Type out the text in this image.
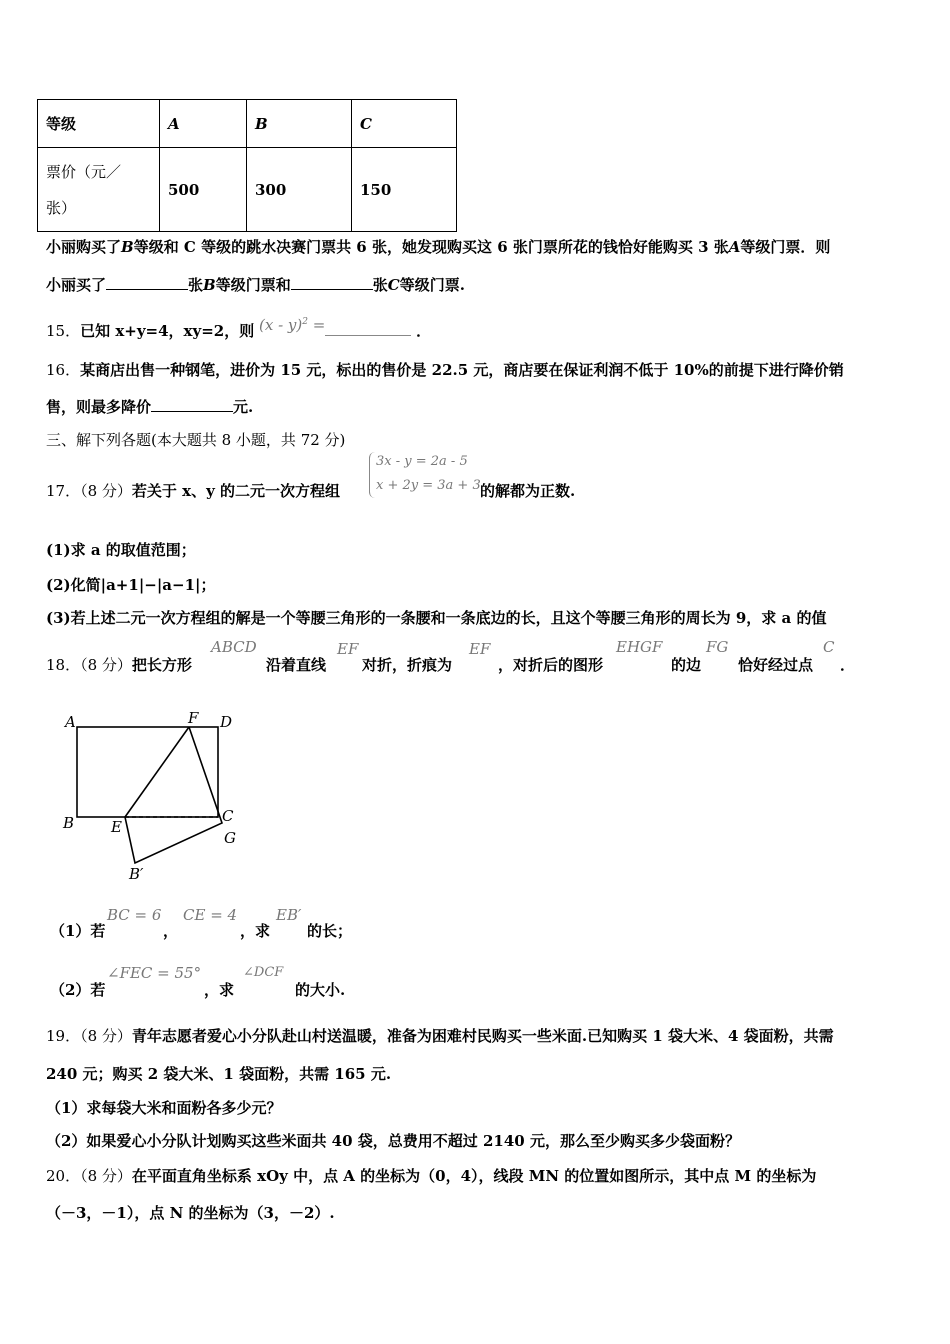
等级	A	B	C
票价（元／
张）	500	300	150
小丽购买了B等级和 C 等级的跳水决赛门票共 6 张，她发现购买这 6 张门票所花的钱恰好能购买 3 张A等级门票．则
小丽买了	张B等级门票和	张C等级门票.
15．已知 x+y=4，xy=2，则 (x - y)$^2$ =	．
16．某商店出售一种钢笔，进价为 15 元，标出的售价是 22.5 元，商店要在保证利润不低于 10%的前提下进行降价销
售，则最多降价	元.
三、解下列各题(本大题共 8 小题，共 72 分)
17．（8 分）若关于 x、y 的二元一次方程组
3x - y = 2a - 5
x + 2y = 3a + 3 的解都为正数.
(1)求 a 的取值范围；
(2)化简|a+1|−|a−1|；
(3)若上述二元一次方程组的解是一个等腰三角形的一条腰和一条底边的长，且这个等腰三角形的周长为 9，求 a 的值
18．（8 分）把长方形
ABCD
沿着直线
EF
对折，折痕为
EF
，对折后的图形
EHGF
的边
FG
恰好经过点
C
．
A	F D
B E
C
G
B′
（1）若
BC = 6
，
CE = 4
，求
EB′
的长；
（2）若
∠FEC = 55°
，求
∠DCF
的大小.
19．（8 分）青年志愿者爱心小分队赴山村送温暖，准备为困难村民购买一些米面.已知购买 1 袋大米、4 袋面粉，共需
240 元；购买 2 袋大米、1 袋面粉，共需 165 元.
（1）求每袋大米和面粉各多少元？
（2）如果爱心小分队计划购买这些米面共 40 袋，总费用不超过 2140 元，那么至少购买多少袋面粉？
20．（8 分）在平面直角坐标系 xOy 中，点 A 的坐标为（0，4），线段 MN 的位置如图所示，其中点 M 的坐标为
（－3，－1），点 N 的坐标为（3，－2）.
